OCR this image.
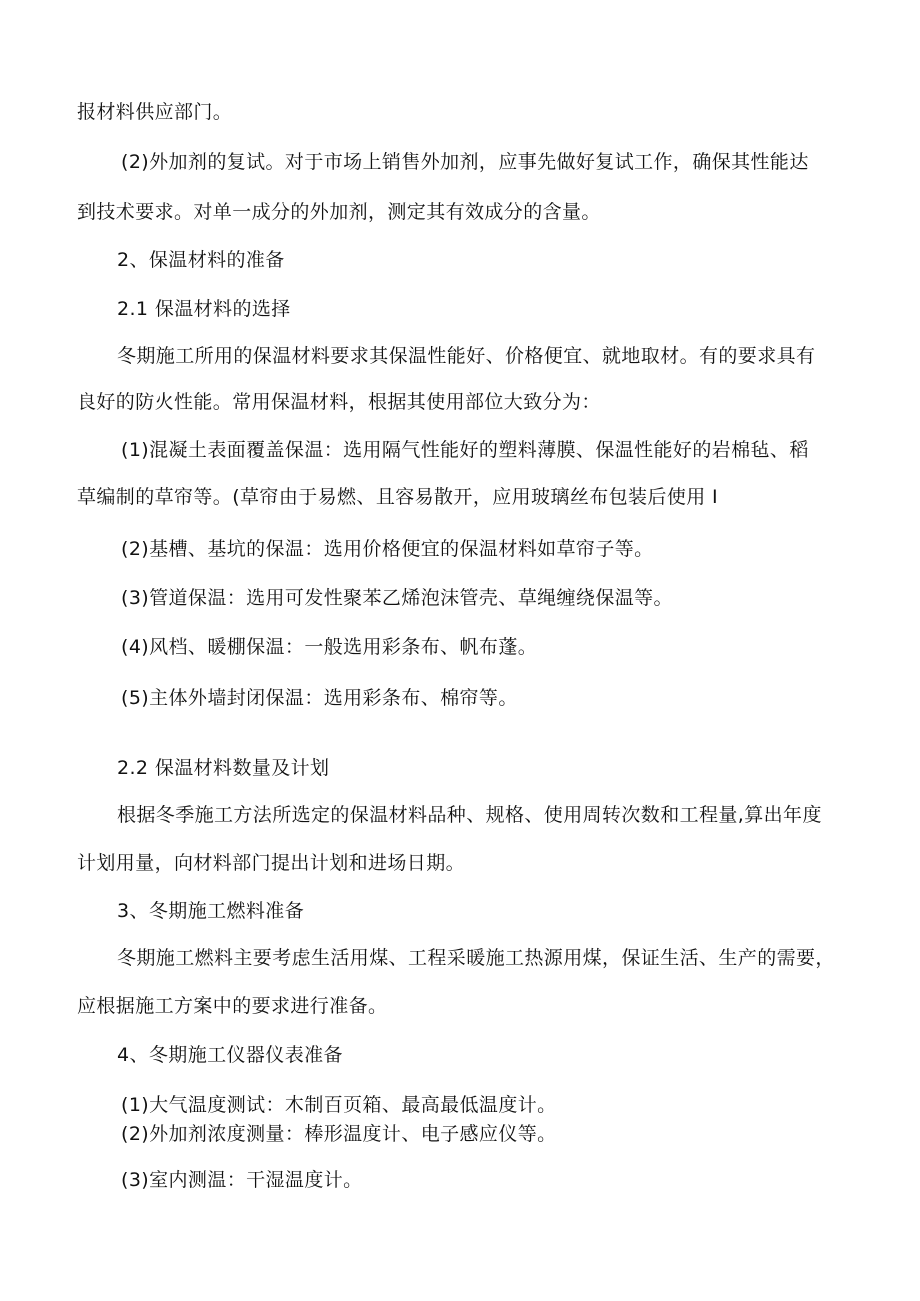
报材料供应部门。
(2)外加剂的复试。对于市场上销售外加剂，应事先做好复试工作，确保其性能达
到技术要求。对单一成分的外加剂，测定其有效成分的含量。
2、保温材料的准备
2.1 保温材料的选择
冬期施工所用的保温材料要求其保温性能好、价格便宜、就地取材。有的要求具有
良好的防火性能。常用保温材料，根据其使用部位大致分为：
(1)混凝土表面覆盖保温：选用隔气性能好的塑料薄膜、保温性能好的岩棉毡、稻
草编制的草帘等。(草帘由于易燃、且容易散开，应用玻璃丝布包装后使用 I
(2)基槽、基坑的保温：选用价格便宜的保温材料如草帘子等。
(3)管道保温：选用可发性聚苯乙烯泡沫管壳、草绳缠绕保温等。
(4)风档、暖棚保温：一般选用彩条布、帆布蓬。
(5)主体外墙封闭保温：选用彩条布、棉帘等。
2.2 保温材料数量及计划
根据冬季施工方法所选定的保温材料品种、规格、使用周转次数和工程量,算出年度
计划用量，向材料部门提出计划和进场日期。
3、冬期施工燃料准备
冬期施工燃料主要考虑生活用煤、工程采暖施工热源用煤，保证生活、生产的需要，
应根据施工方案中的要求进行准备。
4、冬期施工仪器仪表准备
(1)大气温度测试：木制百页箱、最高最低温度计。
(2)外加剂浓度测量：棒形温度计、电子感应仪等。
(3)室内测温：干湿温度计。
